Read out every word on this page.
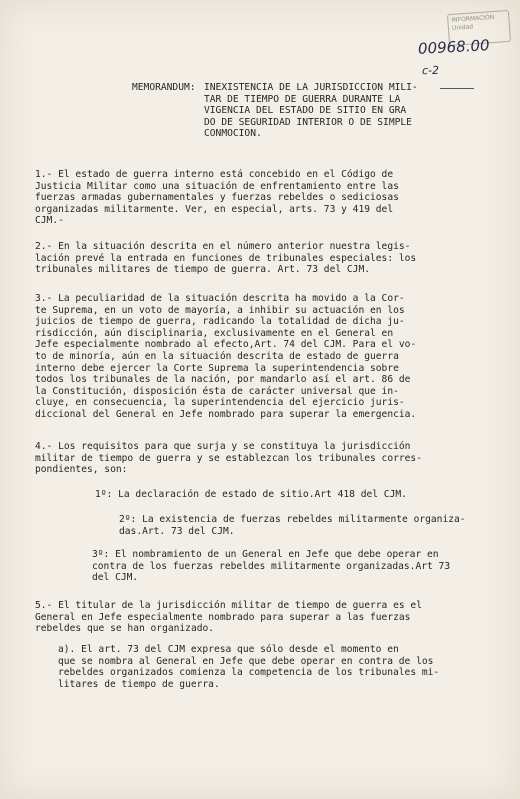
INFORMACIÓN
Unidad
00968.00
c-2
MEMORANDUM: INEXISTENCIA DE LA JURISDICCION MILI-
TAR DE TIEMPO DE GUERRA DURANTE LA
VIGENCIA DEL ESTADO DE SITIO EN GRA
DO DE SEGURIDAD INTERIOR O DE SIMPLE
CONMOCION.
1.- El estado de guerra interno está concebido en el Código de
Justicia Militar como una situación de enfrentamiento entre las
fuerzas armadas gubernamentales y fuerzas rebeldes o sediciosas
organizadas militarmente. Ver, en especial, arts. 73 y 419 del
CJM.-
2.- En la situación descrita en el número anterior nuestra legis-
lación prevé la entrada en funciones de tribunales especiales: los
tribunales militares de tiempo de guerra. Art. 73 del CJM.
3.- La peculiaridad de la situación descrita ha movido a la Cor-
te Suprema, en un voto de mayoría, a inhibir su actuación en los
juicios de tiempo de guerra, radicando la totalidad de dicha ju-
risdicción, aún disciplinaria, exclusivamente en el General en
Jefe especialmente nombrado al efecto,Art. 74 del CJM. Para el vo-
to de minoría, aún en la situación descrita de estado de guerra
interno debe ejercer la Corte Suprema la superintendencia sobre
todos los tribunales de la nación, por mandarlo así el art. 86 de
la Constitución, disposición ésta de carácter universal que in-
cluye, en consecuencia, la superintendencia del ejercicio juris-
diccional del General en Jefe nombrado para superar la emergencia.
4.- Los requisitos para que surja y se constituya la jurisdicción
militar de tiempo de guerra y se establezcan los tribunales corres-
pondientes, son:
1º: La declaración de estado de sitio.Art 418 del CJM.
2º: La existencia de fuerzas rebeldes militarmente organiza-
das.Art. 73 del CJM.
3º: El nombramiento de un General en Jefe que debe operar en
contra de los fuerzas rebeldes militarmente organizadas.Art 73
del CJM.
5.- El titular de la jurisdicción militar de tiempo de guerra es el
General en Jefe especialmente nombrado para superar a las fuerzas
rebeldes que se han organizado.
a). El art. 73 del CJM expresa que sólo desde el momento en
que se nombra al General en Jefe que debe operar en contra de los
rebeldes organizados comienza la competencia de los tribunales mi-
litares de tiempo de guerra.
